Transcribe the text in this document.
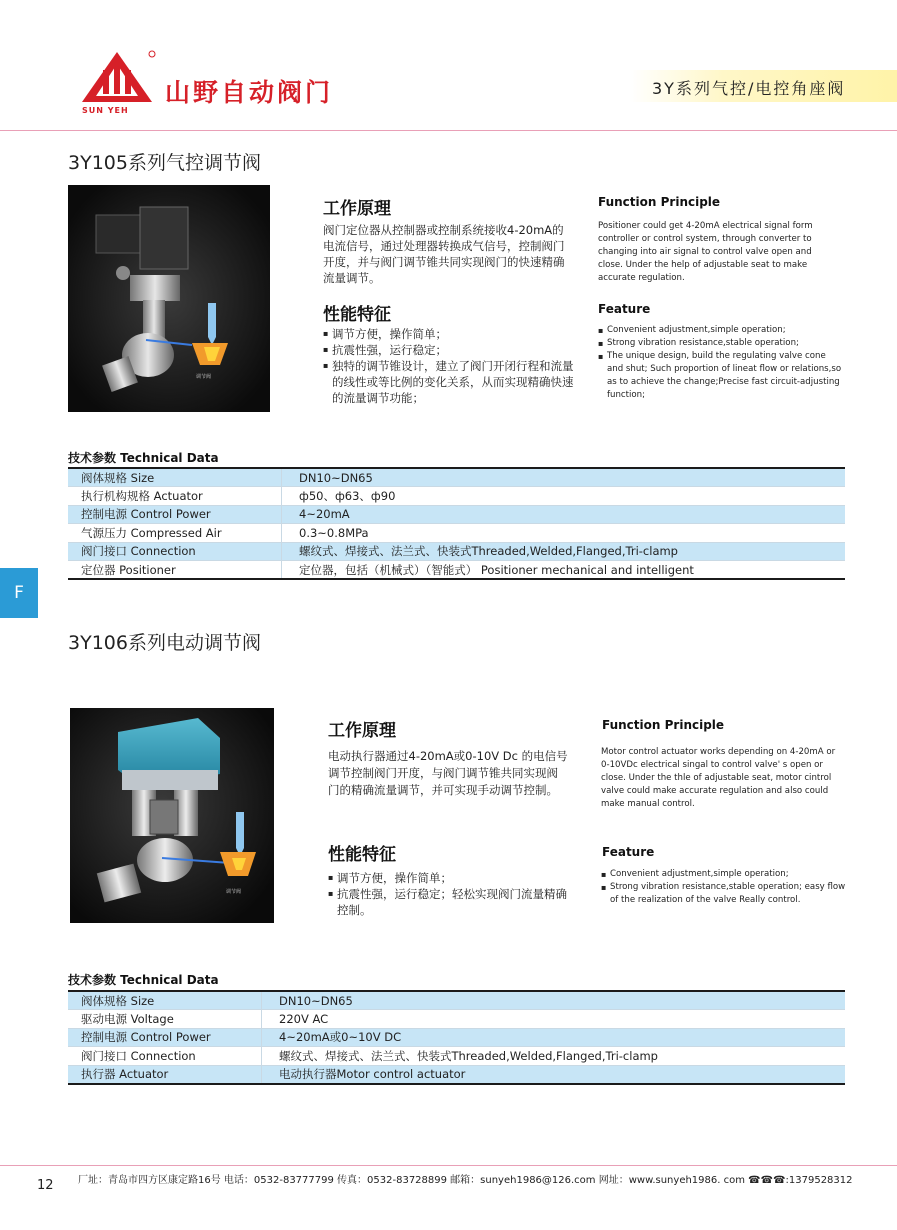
山野自动阀门
SUN YEH
3Y系列气控/电控角座阀
3Y105系列气控调节阀
调节阀
工作原理
阀门定位器从控制器或控制系统接收4-20mA的电流信号，通过处理器转换成气信号，控制阀门开度，并与阀门调节锥共同实现阀门的快速精确流量调节。
性能特征
▪ 调节方便，操作简单；
▪ 抗震性强，运行稳定；
▪ 独特的调节锥设计，建立了阀门开闭行程和流量的线性或等比例的变化关系，从而实现精确快速的流量调节功能；
Function Principle
Positioner could get 4-20mA electrical signal form controller or control system, through converter to changing into air signal to control valve open and close. Under the help of adjustable seat to make accurate regulation.
Feature
▪ Convenient adjustment,simple operation;
▪ Strong vibration resistance,stable operation;
▪ The unique design, build the regulating valve cone and shut; Such proportion of lineat flow or relations,so as to achieve the change;Precise fast circuit-adjusting function;
技术参数 Technical Data
阀体规格 Size	DN10~DN65
执行机构规格 Actuator	ф50、ф63、ф90
控制电源 Control Power	4~20mA
气源压力 Compressed Air	0.3~0.8MPa
阀门接口 Connection	螺纹式、焊接式、法兰式、快装式Threaded,Welded,Flanged,Tri-clamp
定位器 Positioner	定位器，包括（机械式）（智能式） Positioner mechanical and intelligent
F
3Y106系列电动调节阀
调节阀
工作原理
电动执行器通过4-20mA或0-10V Dc 的电信号调节控制阀门开度，与阀门调节锥共同实现阀门的精确流量调节，并可实现手动调节控制。
性能特征
▪ 调节方便，操作简单；
▪ 抗震性强，运行稳定；轻松实现阀门流量精确控制。
Function Principle
Motor control actuator works depending on 4-20mA or 0-10VDc electrical singal to control valve' s open or close. Under the thle of adjustable seat, motor cintrol valve could make accurate regulation and also could make manual control.
Feature
▪ Convenient adjustment,simple operation;
▪ Strong vibration resistance,stable operation; easy flow of the realization of the valve Really control.
技术参数 Technical Data
阀体规格 Size	DN10~DN65
驱动电源 Voltage	220V AC
控制电源 Control Power	4~20mA或0~10V DC
阀门接口 Connection	螺纹式、焊接式、法兰式、快装式Threaded,Welded,Flanged,Tri-clamp
执行器 Actuator	电动执行器Motor control actuator
12 厂址：青岛市四方区康定路16号 电话：0532-83777799 传真：0532-83728899 邮箱：sunyeh1986@126.com 网址：www.sunyeh1986. com ☎☎☎:1379528312
